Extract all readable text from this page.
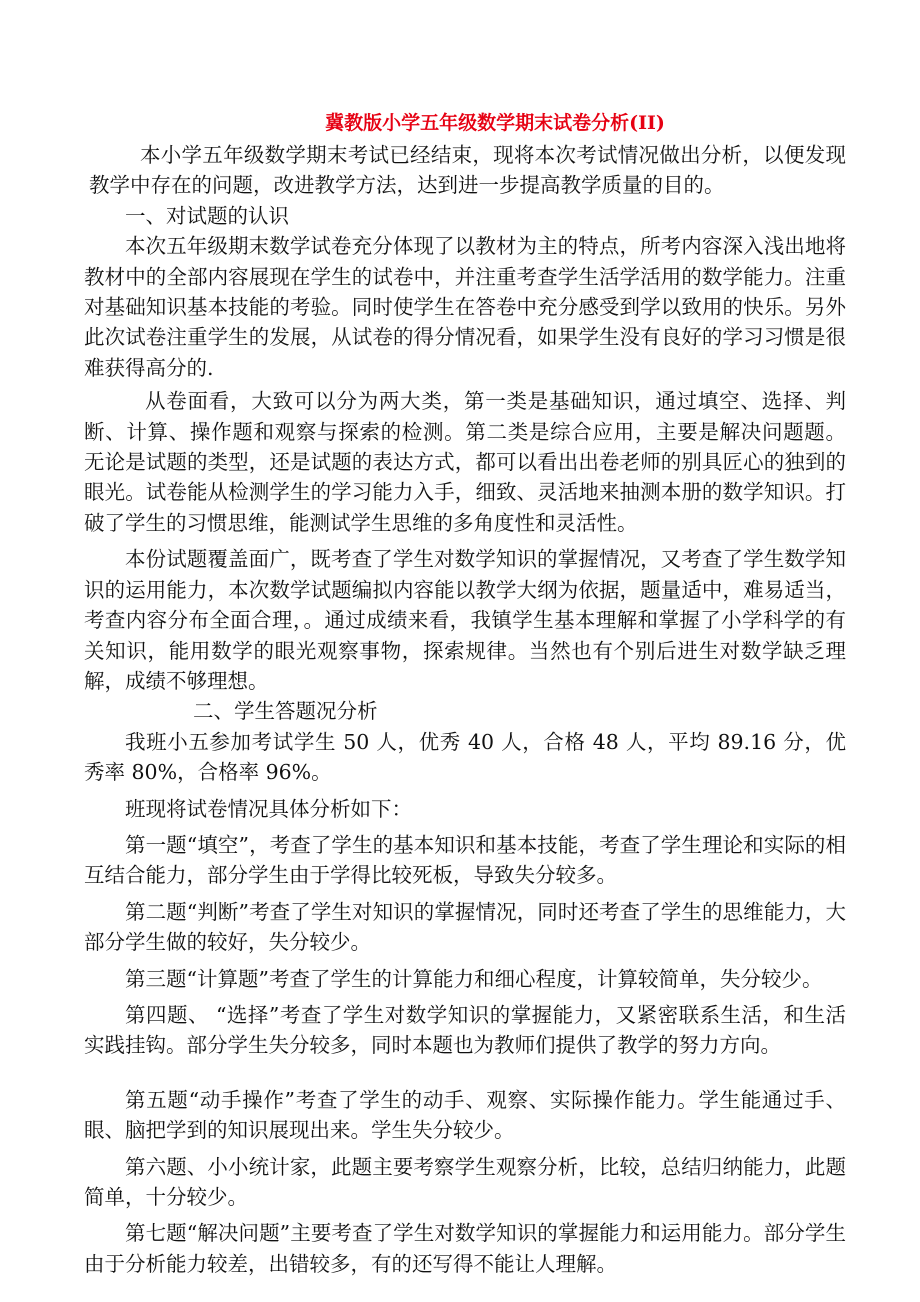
冀教版小学五年级数学期末试卷分析(II)

本小学五年级数学期末考试已经结束，现将本次考试情况做出分析，以便发现教学中存在的问题，改进教学方法，达到进一步提高教学质量的目的。

一、对试题的认识

本次五年级期末数学试卷充分体现了以教材为主的特点，所考内容深入浅出地将教材中的全部内容展现在学生的试卷中，并注重考查学生活学活用的数学能力。注重对基础知识基本技能的考验。同时使学生在答卷中充分感受到学以致用的快乐。另外此次试卷注重学生的发展，从试卷的得分情况看，如果学生没有良好的学习习惯是很难获得高分的.

从卷面看，大致可以分为两大类，第一类是基础知识，通过填空、选择、判断、计算、操作题和观察与探索的检测。第二类是综合应用，主要是解决问题题。 无论是试题的类型，还是试题的表达方式，都可以看出出卷老师的别具匠心的独到的眼光。试卷能从检测学生的学习能力入手，细致、灵活地来抽测本册的数学知识。打破了学生的习惯思维，能测试学生思维的多角度性和灵活性。

本份试题覆盖面广，既考查了学生对数学知识的掌握情况，又考查了学生数学知识的运用能力，本次数学试题编拟内容能以教学大纲为依据，题量适中，难易适当，考查内容分布全面合理，。通过成绩来看，我镇学生基本理解和掌握了小学科学的有关知识，能用数学的眼光观察事物，探索规律。当然也有个别后进生对数学缺乏理解，成绩不够理想。

二、学生答题况分析

我班小五参加考试学生 50 人，优秀 40 人，合格 48 人，平均 89.16 分，优秀率 80%，合格率 96%。

班现将试卷情况具体分析如下：

第一题“填空”，考查了学生的基本知识和基本技能，考查了学生理论和实际的相互结合能力，部分学生由于学得比较死板，导致失分较多。

第二题“判断”考查了学生对知识的掌握情况，同时还考查了学生的思维能力，大部分学生做的较好，失分较少。

第三题“计算题”考查了学生的计算能力和细心程度，计算较简单，失分较少。

第四题、 “选择”考查了学生对数学知识的掌握能力，又紧密联系生活，和生活实践挂钩。部分学生失分较多，同时本题也为教师们提供了教学的努力方向。

第五题“动手操作”考查了学生的动手、观察、实际操作能力。学生能通过手、眼、脑把学到的知识展现出来。学生失分较少。

第六题、小小统计家，此题主要考察学生观察分析，比较，总结归纳能力，此题简单，十分较少。

第七题“解决问题”主要考查了学生对数学知识的掌握能力和运用能力。部分学生由于分析能力较差，出错较多，有的还写得不能让人理解。
